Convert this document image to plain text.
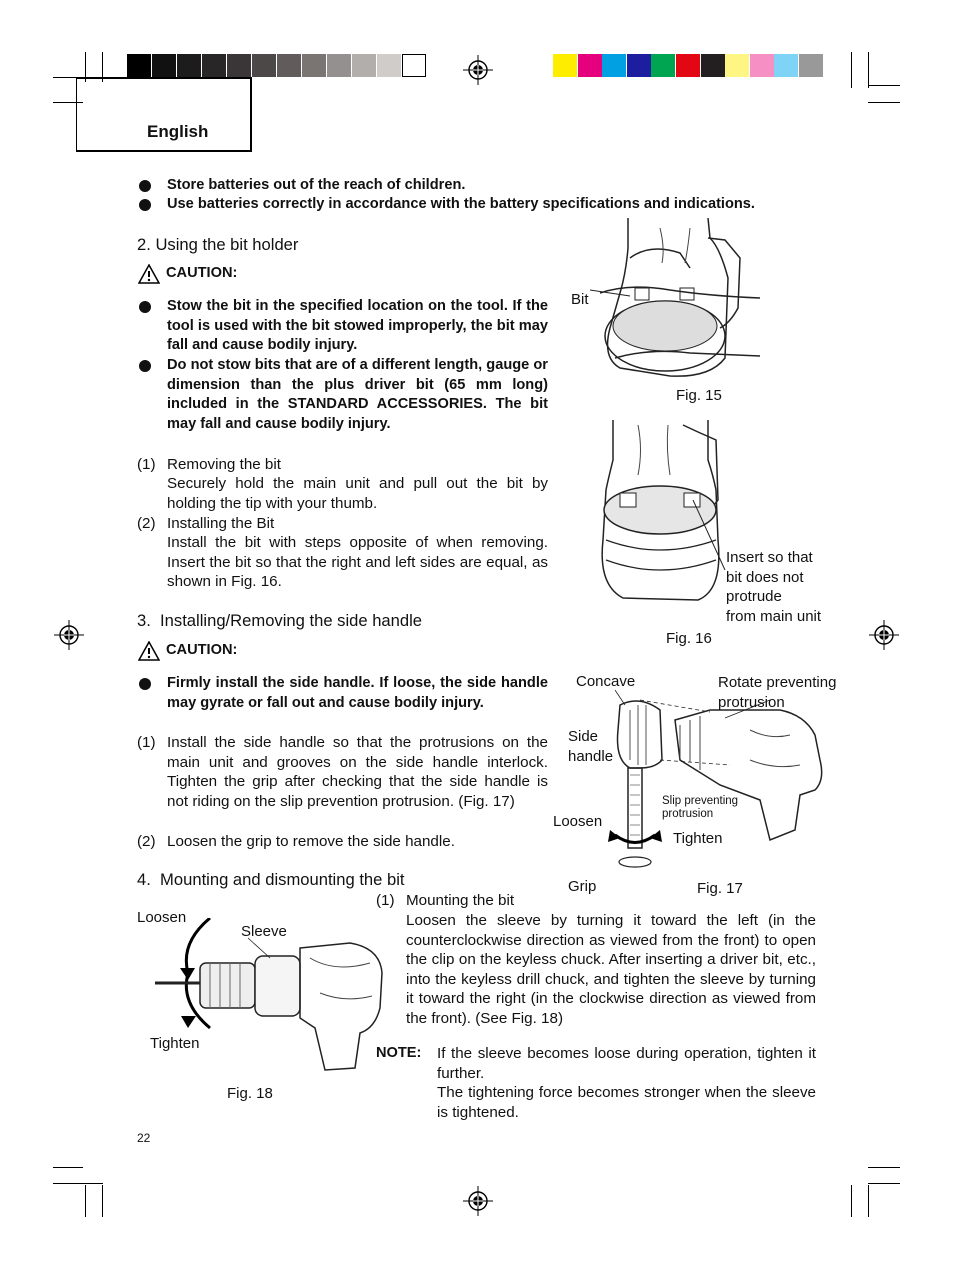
English
Store batteries out of the reach of children.
Use batteries correctly in accordance with the battery specifications and indications.
2. Using the bit holder
CAUTION:
Stow the bit in the specified location on the tool. If the tool is used with the bit stowed improperly, the bit may fall and cause bodily injury.
Do not stow bits that are of a different length, gauge or dimension than the plus driver bit (65 mm long) included in the STANDARD ACCESSORIES. The bit may fall and cause bodily injury.
(1) Removing the bit
Securely hold the main unit and pull out the bit by holding the tip with your thumb.
(2) Installing the Bit
Install the bit with steps opposite of when removing. Insert the bit so that the right and left sides are equal, as shown in Fig. 16.
3.  Installing/Removing the side handle
CAUTION:
Firmly install the side handle. If loose, the side handle may gyrate or fall out and cause bodily injury.
(1) Install the side handle so that the protrusions on the main unit and grooves on the side handle interlock. Tighten the grip after checking that the side handle is not riding on the slip prevention protrusion. (Fig. 17)
(2) Loosen the grip to remove the side handle.
4.  Mounting and dismounting the bit
(1) Mounting the bit
Loosen the sleeve by turning it toward the left (in the counterclockwise direction as viewed from the front) to open the clip on the keyless chuck. After inserting a driver bit, etc., into the keyless drill chuck, and tighten the sleeve by turning it toward the right (in the clockwise direction as viewed from the front). (See Fig. 18)
NOTE: If the sleeve becomes loose during operation, tighten it further.
The tightening force becomes stronger when the sleeve is tightened.
Bit
Fig. 15
Insert so that
bit does not
protrude
from main unit
Fig. 16
Concave	Rotate preventing
protrusion
Side
handle
Slip preventing
protrusion
Loosen
Tighten
Grip	Fig. 17
Loosen
Sleeve
Tighten
Fig. 18
22
